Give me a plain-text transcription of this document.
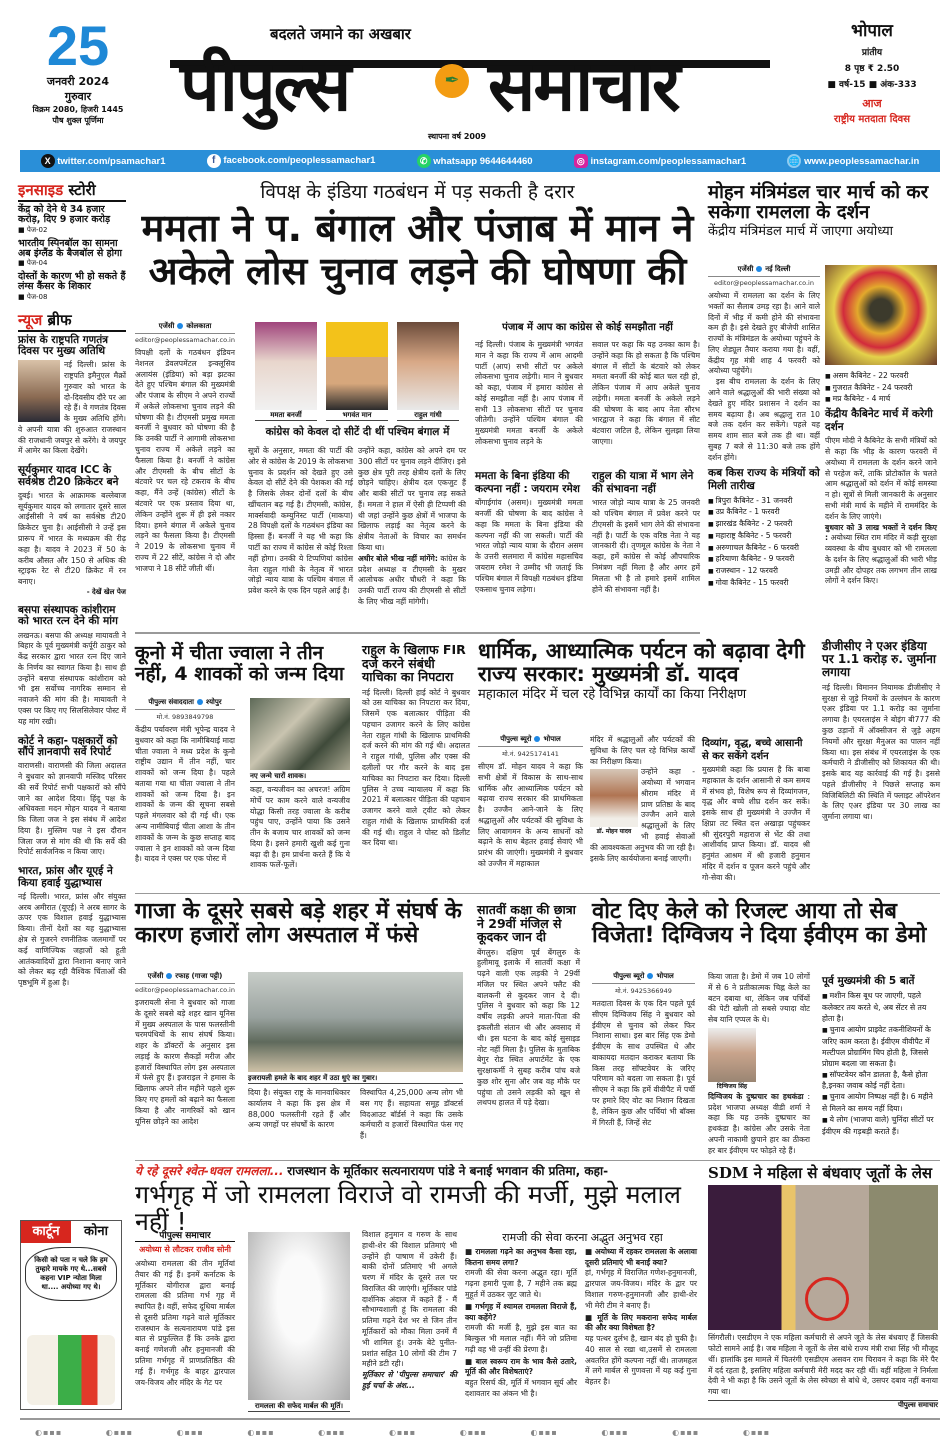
25
जनवरी 2024
गुरुवार
विक्रम 2080, हिजरी 1445
पौष शुक्ल पूर्णिमा
बदलते जमाने का अखबार
पीपुल्स	✒ समाचार
स्थापना वर्ष 2009
भोपाल
प्रांतीय
8 पृष्ठ ₹ 2.50
■ वर्ष-15 ■ अंक-333
आज
राष्ट्रीय मतदाता दिवस
X twitter.com/psamachar1	f facebook.com/peoplessamachar1	✆ whatsapp 9644644460	◎ instagram.com/peoplessamachar1	🌐 www.peoplessamachar.in
इनसाइड स्टोरी
केंद्र को देने थे 34 हजार करोड़, दिए 9 हजार करोड़
■ पेज-02
भारतीय स्पिनबॉल का सामना अब इंग्लैंड के बैजबॉल से होगा
■ पेज-04
दोस्तों के कारण भी हो सकते हैं लंग्स कैंसर के शिकार
■ पेज-08
न्यूज ब्रीफ
फ्रांस के राष्ट्रपति गणतंत्र दिवस पर मुख्य अतिथि
नई दिल्ली। फ्रांस के राष्ट्रपति इमैनुएल मैक्रों गुरुवार को भारत के दो-दिवसीय दौरे पर आ रहे हैं। वे गणतंत्र दिवस के मुख्य अतिथि होंगे। वे अपनी यात्रा की शुरुआत राजस्थान की राजधानी जयपुर से करेंगे। वे जयपुर में आमेर का किला देखेंगे।
सूर्यकुमार यादव ICC के सर्वश्रेष्ठ टी20 क्रिकेटर बने
दुबई। भारत के आक्रामक बल्लेबाज सूर्यकुमार यादव को लगातार दूसरे साल आईसीसी ने वर्ष का सर्वश्रेष्ठ टी20 क्रिकेटर चुना है। आईसीसी ने उन्हें इस प्रारूप में भारत के मध्यक्रम की रीढ़ कहा है। यादव ने 2023 में 50 के करीब औसत और 150 से अधिक की स्ट्राइक रेट से टी20 क्रिकेट में रन बनाए।
- देखें खेल पेज
बसपा संस्थापक कांशीराम को भारत रत्न देने की मांग
लखनऊ। बसपा की अध्यक्ष मायावती ने बिहार के पूर्व मुख्यमंत्री कर्पूरी ठाकुर को केंद्र सरकार द्वारा भारत रत्न दिए जाने के निर्णय का स्वागत किया है। साथ ही उन्होंने बसपा संस्थापक कांशीराम को भी इस सर्वोच्च नागरिक सम्मान से नवाजने की मांग की है। मायावती ने एक्स पर किए गए सिलसिलेवार पोस्ट में यह मांग रखी।
कोर्ट ने कहा- पक्षकारों को सौंपें ज्ञानवापी सर्वे रिपोर्ट
वाराणसी। वाराणसी की जिला अदालत ने बुधवार को ज्ञानवापी मस्जिद परिसर की सर्वे रिपोर्ट सभी पक्षकारों को सौंपे जाने का आदेश दिया। हिंदू पक्ष के अधिवक्ता मदन मोहन यादव ने बताया कि जिला जज ने इस संबंध में आदेश दिया है। मुस्लिम पक्ष ने इस दौरान जिला जज से मांग की थी कि सर्वे की रिपोर्ट सार्वजनिक न किया जाए।
भारत, फ्रांस और यूएई ने किया हवाई युद्धाभ्यास
नई दिल्ली। भारत, फ्रांस और संयुक्त अरब अमीरात (यूएई) ने अरब सागर के ऊपर एक विशाल हवाई युद्धाभ्यास किया। तीनों देशों का यह युद्धाभ्यास क्षेत्र से गुजरने रणनीतिक जलमार्गों पर कई वाणिज्यिक जहाजों को हूती आतंकवादियों द्वारा निशाना बनाए जाने को लेकर बढ़ रही वैश्विक चिंताओं की पृष्ठभूमि में हुआ है।
कार्टून	कोना
किसी को पता न चले कि हम तुम्हारे मायके गए थे...सबसे कहना VIP न्योता मिला था.... अयोध्या गए थे।
विपक्ष के इंडिया गठबंधन में पड़ सकती है दरार
ममता ने प. बंगाल और पंजाब में मान ने अकेले लोस चुनाव लड़ने की घोषणा की
एजेंसी कोलकाता
editor@peoplessamachar.co.in
विपक्षी दलों के गठबंधन इंडियन नेशनल डेवलपमेंटल इन्क्लूसिव अलायंस (इंडिया) को बड़ा झटका देते हुए पश्चिम बंगाल की मुख्यमंत्री और पंजाब के सीएम ने अपने राज्यों में अकेले लोकसभा चुनाव लड़ने की घोषणा की है। टीएमसी प्रमुख ममता बनर्जी ने बुधवार को घोषणा की है कि उनकी पार्टी ने आगामी लोकसभा चुनाव राज्य में अकेले लड़ने का फैसला किया है। बनर्जी ने कांग्रेस और टीएमसी के बीच सीटों के बंटवारे पर चल रहे टकराव के बीच कहा, मैंने उन्हें (कांग्रेस) सीटों के बंटवारे पर एक प्रस्ताव दिया था, लेकिन उन्होंने शुरू में ही इसे नकार दिया। हमने बंगाल में अकेले चुनाव लड़ने का फैसला किया है। टीएमसी ने 2019 के लोकसभा चुनाव में राज्य में 22 सीटें, कांग्रेस ने दो और भाजपा ने 18 सीटें जीती थीं।
ममता बनर्जी	भगवंत मान	राहुल गांधी
कांग्रेस को केवल दो सीटें दी थीं पश्चिम बंगाल में
सूत्रों के अनुसार, ममता की पार्टी की ओर से कांग्रेस के 2019 के लोकसभा चुनाव के प्रदर्शन को देखते हुए उसे केवल दो सीटें देने की पेशकश की गई है जिसके लेकर दोनों दलों के बीच खींचतान बढ़ गई है। टीएमसी, कांग्रेस, मार्क्सवादी कम्युनिस्ट पार्टी (माकपा) 28 विपक्षी दलों के गठबंधन इंडिया का हिस्सा हैं। बनर्जी ने यह भी कहा कि पार्टी का राज्य में कांग्रेस से कोई रिश्ता नहीं होगा। उनकी ये टिप्पणियां कांग्रेस नेता राहुल गांधी के नेतृत्व में भारत जोड़ो न्याय यात्रा के पश्चिम बंगाल में प्रवेश करने के एक दिन पहले आई है।
उन्होंने कहा, कांग्रेस को अपने दम पर 300 सीटों पर चुनाव लड़ने दीजिए। इसे कुछ क्षेत्र पूरी तरह क्षेत्रीय दलों के लिए छोड़ने चाहिए। क्षेत्रीय दल एकजुट हैं और बाकी सीटों पर चुनाव लड़ सकते हैं। ममता ने हाल में ऐसी ही टिप्पणी की थी जहां उन्होंने कुछ क्षेत्रों में भाजपा के खिलाफ लड़ाई का नेतृत्व करने के क्षेत्रीय नेताओं के विचार का समर्थन किया था।
अधीर बोले भीख नहीं मांगेंगे: कांग्रेस के प्रदेश अध्यक्ष व टीएमसी के मुखर आलोचक अधीर चौधरी ने कहा कि उनकी पार्टी राज्य की टीएमसी से सीटों के लिए भीख नहीं मांगेगी।
पंजाब में आप का कांग्रेस से कोई समझौता नहीं
नई दिल्ली। पंजाब के मुख्यमंत्री भगवंत मान ने कहा कि राज्य में आम आदमी पार्टी (आप) सभी सीटों पर अकेले लोकसभा चुनाव लड़ेगी। मान ने बुधवार को कहा, पंजाब में हमारा कांग्रेस से कोई समझौता नहीं है। आप पंजाब में सभी 13 लोकसभा सीटों पर चुनाव जीतेगी। उन्होंने पश्चिम बंगाल की मुख्यमंत्री ममता बनर्जी के अकेले लोकसभा चुनाव लड़ने के
सवाल पर कहा कि यह उनका काम है। उन्होंने कहा कि हो सकता है कि पश्चिम बंगाल में सीटों के बंटवारे को लेकर ममता बनर्जी की कोई बात चल रही हो, लेकिन पंजाब में आप अकेले चुनाव लड़ेगी। ममता बनर्जी के अकेले लड़ने की घोषणा के बाद आप नेता सौरभ भारद्वाज ने कहा कि बंगाल में सीट बंटवारा जटिल है, लेकिन सुलझा लिया जाएगा।
ममता के बिना इंडिया की कल्पना नहीं : जयराम रमेश
बोंगाईगांव (असम)। मुख्यमंत्री ममता बनर्जी की घोषणा के बाद कांग्रेस ने कहा कि ममता के बिना इंडिया की कल्पना नहीं की जा सकती। पार्टी की भारत जोड़ो न्याय यात्रा के दौरान असम के उत्तरी सलमारा में कांग्रेस महासचिव जयराम रमेश ने उम्मीद भी जताई कि पश्चिम बंगाल में विपक्षी गठबंधन इंडिया एकसाथ चुनाव लड़ेगा।
राहुल की यात्रा में भाग लेने की संभावना नहीं
भारत जोड़ो न्याय यात्रा के 25 जनवरी को पश्चिम बंगाल में प्रवेश करने पर टीएमसी के इसमें भाग लेने की संभावना नहीं है। पार्टी के एक वरिष्ठ नेता ने यह जानकारी दी। तृणमूल कांग्रेस के नेता ने कहा, हमें कांग्रेस से कोई औपचारिक निमंत्रण नहीं मिला है और अगर हमें मिलता भी है तो हमारे इसमें शामिल होने की संभावना नहीं है।
मोहन मंत्रिमंडल चार मार्च को कर सकेगा रामलला के दर्शन
केंद्रीय मंत्रिमंडल मार्च में जाएगा अयोध्या
एजेंसी नई दिल्ली
editor@peoplessamachar.co.in
अयोध्या में रामलला का दर्शन के लिए भक्तों का सैलाब उमड़ रहा है। आने वाले दिनों में भीड़ में कमी होने की संभावना कम ही है। इसे देखते हुए बीजेपी शासित राज्यों के मंत्रिमंडल के अयोध्या पहुंचने के लिए शेड्यूल तैयार कराया गया है। वहीं, केंद्रीय गृह मंत्री शाह 4 फरवरी को अयोध्या पहुंचेंगे।
इस बीच रामलला के दर्शन के लिए आने वाले श्रद्धालुओं की भारी संख्या को देखते हुए मंदिर प्रशासन ने दर्शन का समय बढ़ाया है। अब श्रद्धालु रात 10 बजे तक दर्शन कर सकेंगे। पहले यह समय शाम सात बजे तक ही था। वहीं सुबह 7 बजे से 11:30 बजे तक होंगे दर्शन होंगे।
कब किस राज्य के मंत्रियों को मिली तारीख
■ त्रिपुरा कैबिनेट - 31 जनवरी
■ उप्र कैबिनेट - 1 फरवरी
■ झारखंड कैबिनेट - 2 फरवरी
■ महाराष्ट्र कैबिनेट - 5 फरवरी
■ अरुणाचल कैबिनेट - 6 फरवरी
■ हरियाणा कैबिनेट - 9 फरवरी
■ राजस्थान - 12 फरवरी
■ गोवा कैबिनेट - 15 फरवरी
■ असम कैबिनेट - 22 फरवरी
■ गुजरात कैबिनेट - 24 फरवरी
■ मप्र कैबिनेट - 4 मार्च
केंद्रीय कैबिनेट मार्च में करेगी दर्शन
पीएम मोदी ने कैबिनेट के सभी मंत्रियों को से कहा कि भीड़ के कारण फरवरी में अयोध्या में रामलला के दर्शन करने जाने से परहेज करें, ताकि प्रोटोकॉल के चलते आम श्रद्धालुओं को दर्शन में कोई समस्या न हो। सूत्रों से मिली जानकारी के अनुसार सभी मंत्री मार्च के महीने में राममंदिर के दर्शन के लिए जाएंगे।
बुधवार को 3 लाख भक्तों ने दर्शन किए : अयोध्या स्थित राम मंदिर में कड़ी सुरक्षा व्यवस्था के बीच बुधवार को भी रामलला के दर्शन के लिए श्रद्धालुओं की भारी भीड़ उमड़ी और दोपहर तक लगभग तीन लाख लोगों ने दर्शन किए।
कूनो में चीता ज्वाला ने तीन नहीं, 4 शावकों को जन्म दिया
पीपुल्स संवाददाता श्योपुर
मो.नं. 9893849798
केंद्रीय पर्यावरण मंत्री भूपेन्द्र यादव ने बुधवार को कहा कि नामीबियाई मादा चीता ज्वाला ने मध्य प्रदेश के कूनो राष्ट्रीय उद्यान में तीन नहीं, चार शावकों को जन्म दिया है। पहले बताया गया था चीता ज्वाला ने तीन शावकों को जन्म दिया है। इन शावकों के जन्म की सूचना सबसे पहले मंगलवार को दी गई थी। एक अन्य नामीबियाई चीता आशा के तीन शावकों के जन्म के कुछ सप्ताह बाद ज्वाला ने इन शावकों को जन्म दिया है। यादव ने एक्स पर एक पोस्ट में
नए जन्मे चारों शावक।
कहा, वन्यजीवन का अचरज! अग्रिम मोर्चे पर काम करने वाले वन्यजीव योद्धा किसी तरह ज्वाला के करीब पहुंच पाए, उन्होंने पाया कि उसने तीन के बजाय चार शावकों को जन्म दिया है। इसने हमारी खुशी कई गुना बढ़ा दी है। हम प्रार्थना करते हैं कि ये शावक फलें-फूलें।
राहुल के खिलाफ FIR दर्ज करने संबंधी याचिका का निपटारा
नई दिल्ली। दिल्ली हाई कोर्ट ने बुधवार को उस याचिका का निपटारा कर दिया, जिसमें एक बलात्कार पीड़िता की पहचान उजागर करने के लिए कांग्रेस नेता राहुल गांधी के खिलाफ प्राथमिकी दर्ज करने की मांग की गई थी। अदालत ने राहुल गांधी, पुलिस और एक्स की दलीलों पर गौर करने के बाद इस याचिका का निपटारा कर दिया। दिल्ली पुलिस ने उच्च न्यायालय में कहा कि 2021 में बलात्कार पीड़िता की पहचान उजागर करने वाले ट्वीट को लेकर राहुल गांधी के खिलाफ प्राथमिकी दर्ज की गई थी। राहुल ने पोस्ट को डिलीट कर दिया था।
धार्मिक, आध्यात्मिक पर्यटन को बढ़ावा देगी राज्य सरकार: मुख्यमंत्री डॉ. यादव
महाकाल मंदिर में चल रहे विभिन्न कार्यों का किया निरीक्षण
पीपुल्स ब्यूरो भोपाल
मो.नं. 9425174141
सीएम डॉ. मोहन यादव ने कहा कि सभी क्षेत्रों में विकास के साथ-साथ धार्मिक और आध्यात्मिक पर्यटन को बढ़ावा राज्य सरकार की प्राथमिकता है। उज्जैन आने-जाने के लिए श्रद्धालुओं और पर्यटकों की सुविधा के लिए आवागमन के अन्य साधनों को बढ़ाने के साथ बेहतर हवाई सेवाएं भी प्रारंभ की जाएंगी। मुख्यमंत्री ने बुधवार को उज्जैन में महाकाल
मंदिर में श्रद्धालुओं और पर्यटकों की सुविधा के लिए चल रहे विभिन्न कार्यों का निरीक्षण किया।
डॉ. मोहन यादव
उन्होंने कहा - अयोध्या में भगवान श्रीराम मंदिर में प्राण प्रतिष्ठा के बाद उज्जैन आने वाले श्रद्धालुओं के लिए भी हवाई सेवाओं की आवश्यकता अनुभव की जा रही है। इसके लिए कार्ययोजना बनाई जाएगी।
दिव्यांग, वृद्ध, बच्चे आसानी से कर सकेंगे दर्शन
मुख्यमंत्री कहा कि प्रयास है कि बाबा महाकाल के दर्शन आसानी से कम समय में संभव हो, विशेष रूप से दिव्यांगजन, वृद्ध और बच्चे शीघ्र दर्शन कर सकें। इसके साथ ही मुख्यमंत्री ने उज्जैन में क्षिप्रा तट स्थित दत्त अखाड़ा पहुंचकर श्री सुंदरपुरी महाराज से भेंट की तथा आशीर्वाद प्राप्त किया। डॉ. यादव श्री हनुमंत आश्रम में श्री हजारी हनुमान मंदिर में दर्शन व पूजन करने पहुंचे और गो-सेवा की।
डीजीसीए ने एअर इंडिया पर 1.1 करोड़ रु. जुर्माना लगाया
नई दिल्ली। विमानन नियामक डीजीसीए ने सुरक्षा से जुड़े नियमों के उल्लंघन के कारण एअर इंडिया पर 1.1 करोड़ का जुर्माना लगाया है। एयरलाइंस ने बोइंग बी777 की कुछ उड़ानों में ऑक्सीजन से जुड़े अहम नियमों और सुरक्षा मैनुअल का पालन नहीं किया था। इस संबंध में एयरलाइंस के एक कर्मचारी ने डीजीसीए को शिकायत की थी। इसके बाद यह कार्रवाई की गई है। इससे पहले डीजीसीए ने पिछले सप्ताह कम विजिबिलिटी की स्थिति में फ्लाइट ऑपरेशन के लिए एअर इंडिया पर 30 लाख का जुर्माना लगाया था।
गाजा के दूसरे सबसे बड़े शहर में संघर्ष के कारण हजारों लोग अस्पताल में फंसे
एजेंसी रफाह (गाजा पट्टी)
editor@peoplessamachar.co.in
इजरायली सेना ने बुधवार को गाजा के दूसरे सबसे बड़े शहर खान यूनिस में मुख्य अस्पताल के पास फलस्तीनी चरमपंथियों के साथ संघर्ष किया। शहर के डॉक्टरों के अनुसार इस लड़ाई के कारण सैकड़ों मरीज और हजारों विस्थापित लोग इस अस्पताल में फंसे हुए हैं। इजराइल ने हमास के खिलाफ अपने तीन महीने पहले शुरू किए गए हमलों को बढ़ाने का फैसला किया है और नागरिकों को खान यूनिस छोड़ने का आदेश
इजरायली हमले के बाद शहर में उठा धुएं का गुबार।
दिया है। संयुक्त राष्ट्र के मानवाधिकार कार्यालय ने कहा कि इस क्षेत्र में 88,000 फलस्तीनी रहते हैं और अन्य जगहों पर संघर्षों के कारण
विस्थापित 4,25,000 अन्य लोग भी बस गए हैं। सहायता समूह डॉक्टर्स विदआउट बॉर्डर्स ने कहा कि उसके कर्मचारी व हजारों विस्थापित फंस गए हैं।
सातवीं कक्षा की छात्रा ने 29वीं मंजिल से कूदकर जान दी
बेंगलुरु। दक्षिण पूर्व बेंगलुरु के हुलीमावू इलाके में सातवीं कक्षा में पढ़ने वाली एक लड़की ने 29वीं मंजिल पर स्थित अपने फ्लैट की बालकनी से कूदकर जान दे दी। पुलिस ने बुधवार को कहा कि 12 वर्षीय लड़की अपने माता-पिता की इकलौती संतान थी और अवसाद में थी। इस घटना के बाद कोई सुसाइड नोट नहीं मिला है। पुलिस के मुताबिक बेगुर रोड स्थित अपार्टमेंट के एक सुरक्षाकर्मी ने सुबह करीब पांच बजे कुछ शोर सुना और जब वह मौके पर पहुंचा तो उसने लड़की को खून से लथपथ हालत में पड़े देखा।
वोट दिए केले को रिजल्ट आया तो सेब विजेता! दिग्विजय ने दिया ईवीएम का डेमो
पीपुल्स ब्यूरो भोपाल
मो.नं. 9425366949
मतदाता दिवस के एक दिन पहले पूर्व सीएम दिग्विजय सिंह ने बुधवार को ईवीएम से चुनाव को लेकर फिर निशाना साधा। इस बार सिंह एक डेमो ईवीएम के साथ उपस्थित थे और बाकायदा मतदान कराकर बताया कि किस तरह सॉफ्टवेयर के जरिए परिणाम को बदला जा सकता है। पूर्व सीएम ने कहा कि हमें वीवीपैट में पर्ची पर हमारे दिए वोट का निशान दिखता है, लेकिन कुछ और पर्चियां भी बॉक्स में गिरती हैं, जिन्हें सेट
किया जाता है। डेमो में जब 10 लोगों में से 6 ने प्रतीकात्मक चिह्न केले का बटन दबाया था, लेकिन जब पर्चियों की पेटी खोली तो सबसे ज्यादा वोट सेब यानि एप्पल के थे।
दिग्विजय सिंह
दिग्विजय के दुष्प्रचार का हथकंडा : प्रदेश भाजपा अध्यक्ष वीडी शर्मा ने कहा कि यह उनके दुष्प्रचार का हथकंडा है। कांग्रेस और उसके नेता अपनी नाकामी छुपाने हार का ठीकरा हर बार ईवीएम पर फोड़ते रहे हैं।
पूर्व मुख्यमंत्री की 5 बातें
■ मशीन किस बूथ पर जाएगी, पहले कलेक्टर तय करते थे, अब सेंटर से तय होता है।
■ चुनाव आयोग प्राइवेट तकनीशियनों के जरिए काम करता है। ईवीएम वीवीपैट में मल्टीपल प्रोग्रामिंग चिप होती है, जिससे प्रोग्राम बदला जा सकता है।
■ सॉफ्टवेयर कौन डालता है, कैसे होता है,इनका जवाब कोई नहीं देता।
■ चुनाव आयोग निष्पक्ष नहीं है। 6 महीने से मिलने का समय नहीं दिया।
■ ये लोग (भाजपा वाले) चुनिंदा सीटों पर ईवीएम की गड़बड़ी कराते हैं।
ये रहे दूसरे श्वेत-धवल रामलला... राजस्थान के मूर्तिकार सत्यनारायण पांडे ने बनाई भगवान की प्रतिमा, कहा-
गर्भगृह में जो रामलला विराजे वो रामजी की मर्जी, मुझे मलाल नहीं !
पीपुल्स समाचार
अयोध्या से लौटकर राजीव सोनी
अयोध्या रामलला की तीन मूर्तियां तैयार की गई हैं। इनमें कर्नाटक के मूर्तिकार योगीराज द्वारा बनाई रामलला की प्रतिमा गर्भ गृह में स्थापित है। वहीं, सफेद दूधिया मार्बल से दूसरी प्रतिमा गढ़ने वाले मूर्तिकार राजस्थान के सत्यनारायण पांडे इस बात से प्रफुल्लित हैं कि उनके द्वारा बनाई गणेशजी और हनुमानजी की प्रतिमा गर्भगृह में प्राणप्रतिष्ठित की गई हैं। गर्भगृह के बाहर द्वारपाल जय-विजय और मंदिर के गेट पर
रामलला की सफेद मार्बल की मूर्ति।
विशाल हनुमान व गरुण के साथ हाथी-शेर की विशाल प्रतिमाएं भी उन्होंने ही पाषाण में उकेरी हैं। बाकी दोनों प्रतिमाएं भी अगले चरण में मंदिर के दूसरे तल पर विराजित की जाएंगी। मूर्तिकार पांडे दार्शनिक अंदाज में कहते हैं - मैं सौभाग्यशाली हूं कि रामलला की प्रतिमा गढ़ने देश भर से जिन तीन मूर्तिकारों को मौका मिला उनमें मैं भी शामिल हूं। उनके बेटे पुनीत-प्रशांत सहित 10 लोगों की टीम 7 महीने डटी रही।
मूर्तिकार से 'पीपुल्स समाचार' की हुई चर्चा के अंश...
रामजी की सेवा करना अद्भुत अनुभव रहा

■ रामलला गढ़ने का अनुभव कैसा रहा, कितना समय लगा?
रामजी की सेवा करना अद्भुत रहा। मूर्ति गढ़ना हमारी पूजा है, 7 महीने तक ब्रह्म मुहूर्त में उठकर जुट जाते थे।

■ गर्भगृह में श्यामल रामलला विराजे हैं, क्या कहेंगे?
रामजी की मर्जी है, मुझे इस बात का बिल्कुल भी मलाल नहीं। मैंने जो प्रतिमा गढ़ी वह भी उन्हीं की प्रेरणा है।

■ बाल स्वरूप राम के भाव कैसे उतारे, मूर्ति की और विशेषताएं?
बहुत रिसर्च की, मूर्ति में भगवान सूर्य और दशावतार का अंकन भी है।

■ अयोध्या में रहकर रामलला के अलावा दूसरी प्रतिमाएं भी बनाईं क्या?
हां, गर्भगृह में विराजित गणेश-हनुमानजी, द्वारपाल जय-विजय। मंदिर के द्वार पर विशाल गरुण-हनुमानजी और हाथी-शेर भी मेरी टीम ने बनाए हैं।

■ मूर्ति के लिए मकराना सफेद मार्बल की और क्या विशेषता है?
यह पत्थर दुर्लभ है, खान बंद हो चुकी है। 40 साल से रखा था,उसमें से रामलला अवतरित होंगे कल्पना नहीं थी। ताजमहल में लगे मार्बल से गुणवत्ता में यह कई गुना बेहतर है।

SDM ने महिला से बंधवाए जूतों के लेस
सिंगरौली। एसडीएम ने एक महिला कर्मचारी से अपने जूते के लेस बंधवाए हैं जिसकी फोटो सामने आई है। जब महिला ने जूतों के लेस बांधे राज्य मंत्री राधा सिंह भी मौजूद थीं। हालांकि इस मामले में चितरंगी एसडीएम असवन राम चिरावन ने कहा कि मेरे पैर में दर्द रहता है, इसलिए महिला कर्मचारी मेरी मदद कर रही थीं। वहीं महिला ने निर्मला देवी ने भी कहा है कि उसने जूतों के लेस स्वेच्छा से बांधे थे, उसपर दबाव नहीं बनाया गया था।
पीपुल्स समाचार
◐▪▪▪ ◐▪▪▪ ◐▪▪▪ ◐▪▪▪ ◐▪▪▪ ◐▪▪▪ ◐▪▪▪ ◐▪▪▪ ◐▪▪▪ ◐▪▪▪ ◐▪▪▪
